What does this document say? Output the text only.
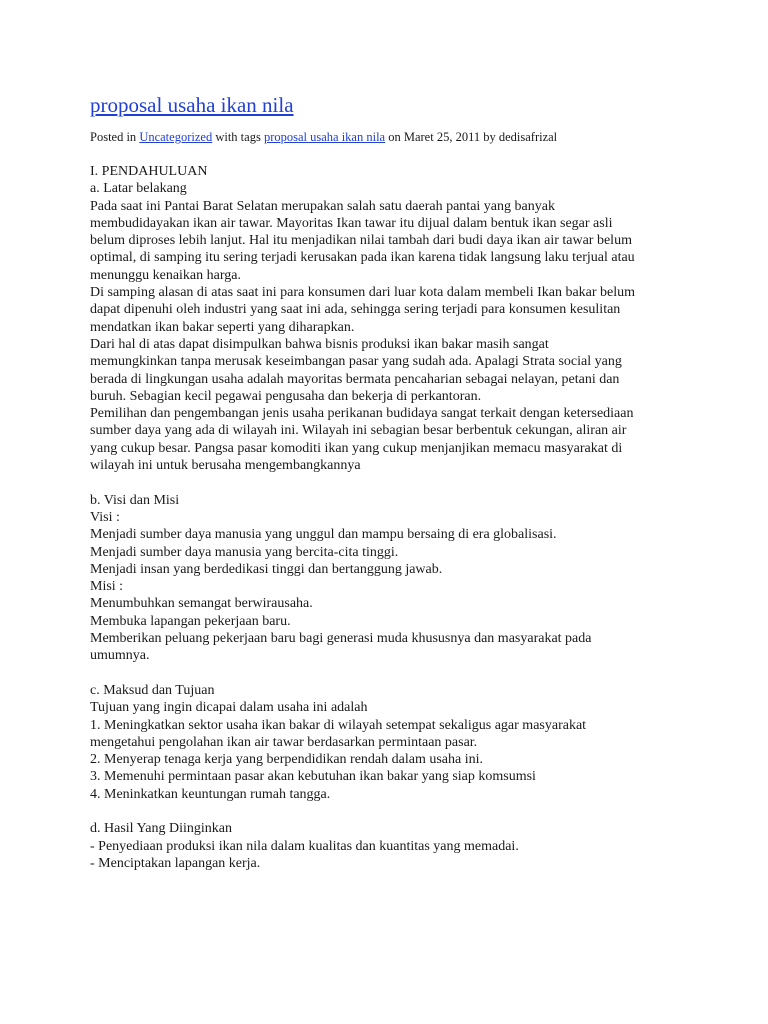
proposal usaha ikan nila
Posted in Uncategorized with tags proposal usaha ikan nila on Maret 25, 2011 by dedisafrizal
I. PENDAHULUAN
a. Latar belakang
Pada saat ini Pantai Barat Selatan merupakan salah satu daerah pantai yang banyak
membudidayakan ikan air tawar. Mayoritas Ikan tawar itu dijual dalam bentuk ikan segar asli
belum diproses lebih lanjut. Hal itu menjadikan nilai tambah dari budi daya ikan air tawar belum
optimal, di samping itu sering terjadi kerusakan pada ikan karena tidak langsung laku terjual atau
menunggu kenaikan harga.
Di samping alasan di atas saat ini para konsumen dari luar kota dalam membeli Ikan bakar belum
dapat dipenuhi oleh industri yang saat ini ada, sehingga sering terjadi para konsumen kesulitan
mendatkan ikan bakar seperti yang diharapkan.
Dari hal di atas dapat disimpulkan bahwa bisnis produksi ikan bakar masih sangat
memungkinkan tanpa merusak keseimbangan pasar yang sudah ada. Apalagi Strata social yang
berada di lingkungan usaha adalah mayoritas bermata pencaharian sebagai nelayan, petani dan
buruh. Sebagian kecil pegawai pengusaha dan bekerja di perkantoran.
Pemilihan dan pengembangan jenis usaha perikanan budidaya sangat terkait dengan ketersediaan
sumber daya yang ada di wilayah ini. Wilayah ini sebagian besar berbentuk cekungan, aliran air
yang cukup besar. Pangsa pasar komoditi ikan yang cukup menjanjikan memacu masyarakat di
wilayah ini untuk berusaha mengembangkannya
b. Visi dan Misi
Visi :
Menjadi sumber daya manusia yang unggul dan mampu bersaing di era globalisasi.
Menjadi sumber daya manusia yang bercita-cita tinggi.
Menjadi insan yang berdedikasi tinggi dan bertanggung jawab.
Misi :
Menumbuhkan semangat berwirausaha.
Membuka lapangan pekerjaan baru.
Memberikan peluang pekerjaan baru bagi generasi muda khususnya dan masyarakat pada
umumnya.
c. Maksud dan Tujuan
Tujuan yang ingin dicapai dalam usaha ini adalah
1. Meningkatkan sektor usaha ikan bakar di wilayah setempat sekaligus agar masyarakat
mengetahui pengolahan ikan air tawar berdasarkan permintaan pasar.
2. Menyerap tenaga kerja yang berpendidikan rendah dalam usaha ini.
3. Memenuhi permintaan pasar akan kebutuhan ikan bakar yang siap komsumsi
4. Meninkatkan keuntungan rumah tangga.
d. Hasil Yang Diinginkan
- Penyediaan produksi ikan nila dalam kualitas dan kuantitas yang memadai.
- Menciptakan lapangan kerja.
